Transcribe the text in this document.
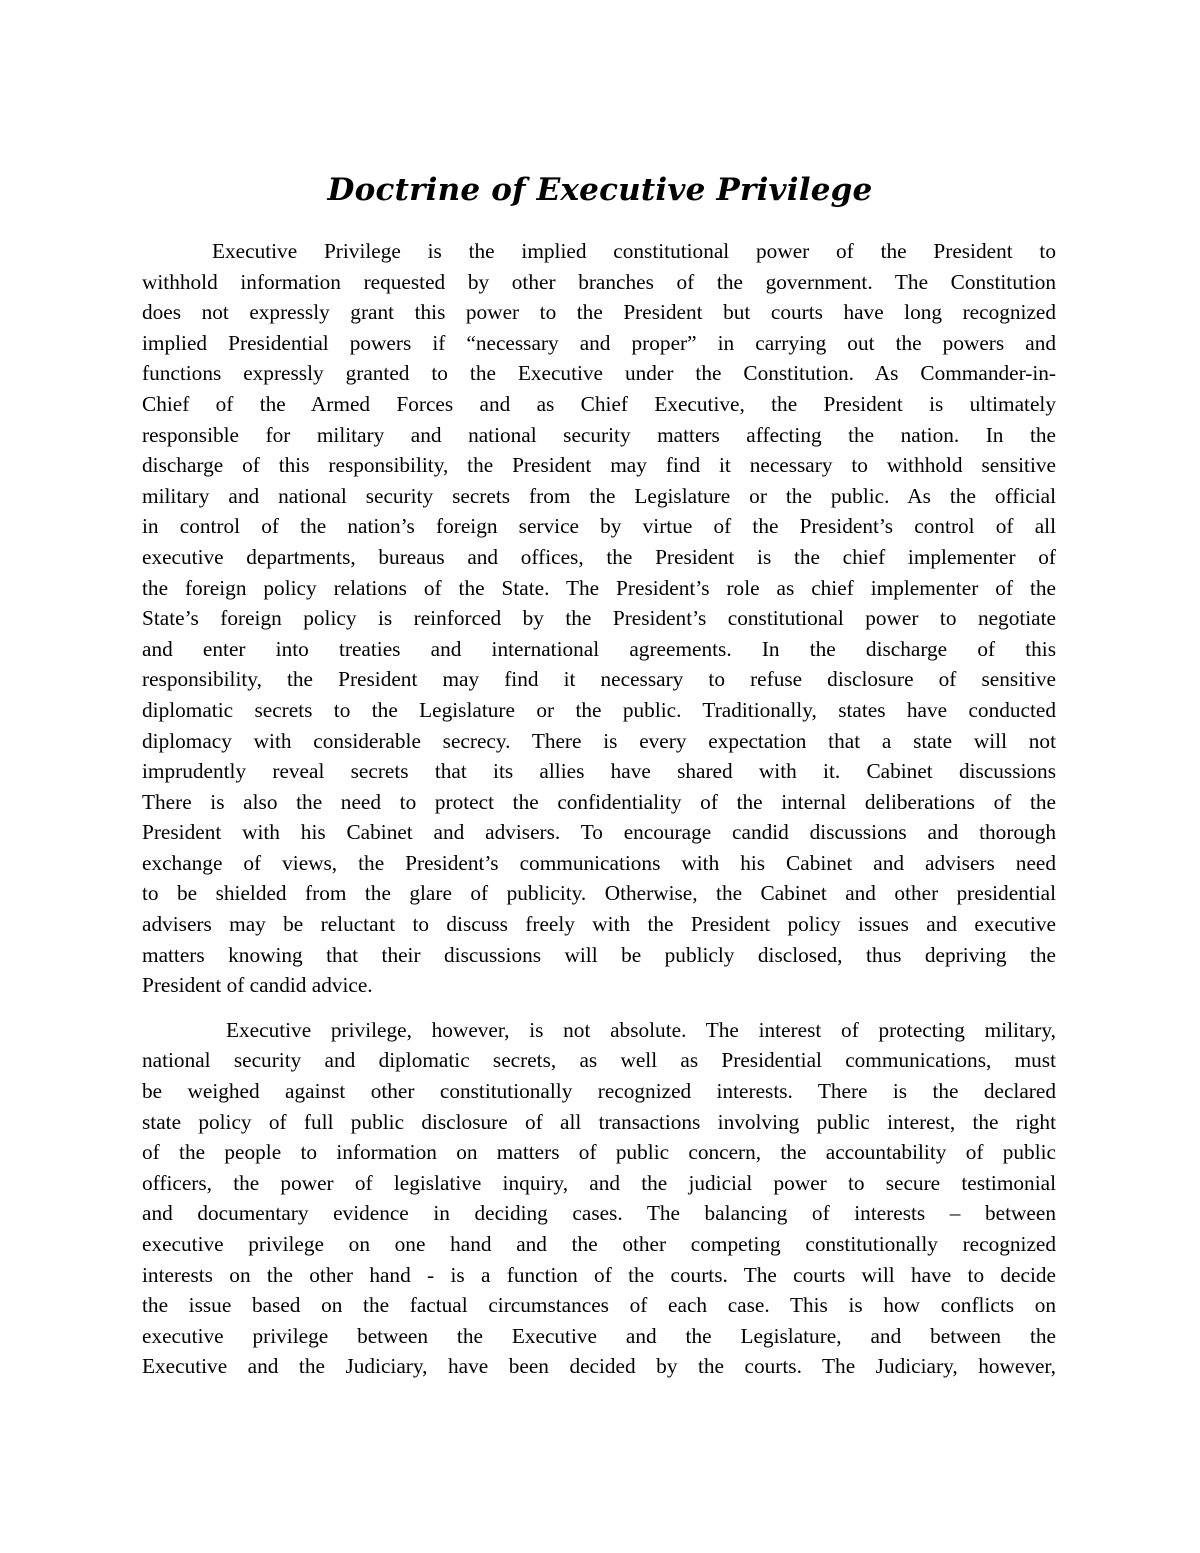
Doctrine of Executive Privilege

Executive Privilege is the implied constitutional power of the President to
withhold information requested by other branches of the government. The Constitution
does not expressly grant this power to the President but courts have long recognized
implied Presidential powers if “necessary and proper” in carrying out the powers and
functions expressly granted to the Executive under the Constitution. As Commander-in-
Chief of the Armed Forces and as Chief Executive, the President is ultimately
responsible for military and national security matters affecting the nation. In the
discharge of this responsibility, the President may find it necessary to withhold sensitive
military and national security secrets from the Legislature or the public. As the official
in control of the nation’s foreign service by virtue of the President’s control of all
executive departments, bureaus and offices, the President is the chief implementer of
the foreign policy relations of the State. The President’s role as chief implementer of the
State’s foreign policy is reinforced by the President’s constitutional power to negotiate
and enter into treaties and international agreements. In the discharge of this
responsibility, the President may find it necessary to refuse disclosure of sensitive
diplomatic secrets to the Legislature or the public. Traditionally, states have conducted
diplomacy with considerable secrecy. There is every expectation that a state will not
imprudently reveal secrets that its allies have shared with it. Cabinet discussions
There is also the need to protect the confidentiality of the internal deliberations of the
President with his Cabinet and advisers. To encourage candid discussions and thorough
exchange of views, the President’s communications with his Cabinet and advisers need
to be shielded from the glare of publicity. Otherwise, the Cabinet and other presidential
advisers may be reluctant to discuss freely with the President policy issues and executive
matters knowing that their discussions will be publicly disclosed, thus depriving the
President of candid advice.

Executive privilege, however, is not absolute. The interest of protecting military,
national security and diplomatic secrets, as well as Presidential communications, must
be weighed against other constitutionally recognized interests. There is the declared
state policy of full public disclosure of all transactions involving public interest, the right
of the people to information on matters of public concern, the accountability of public
officers, the power of legislative inquiry, and the judicial power to secure testimonial
and documentary evidence in deciding cases. The balancing of interests – between
executive privilege on one hand and the other competing constitutionally recognized
interests on the other hand - is a function of the courts. The courts will have to decide
the issue based on the factual circumstances of each case. This is how conflicts on
executive privilege between the Executive and the Legislature, and between the
Executive and the Judiciary, have been decided by the courts. The Judiciary, however,
